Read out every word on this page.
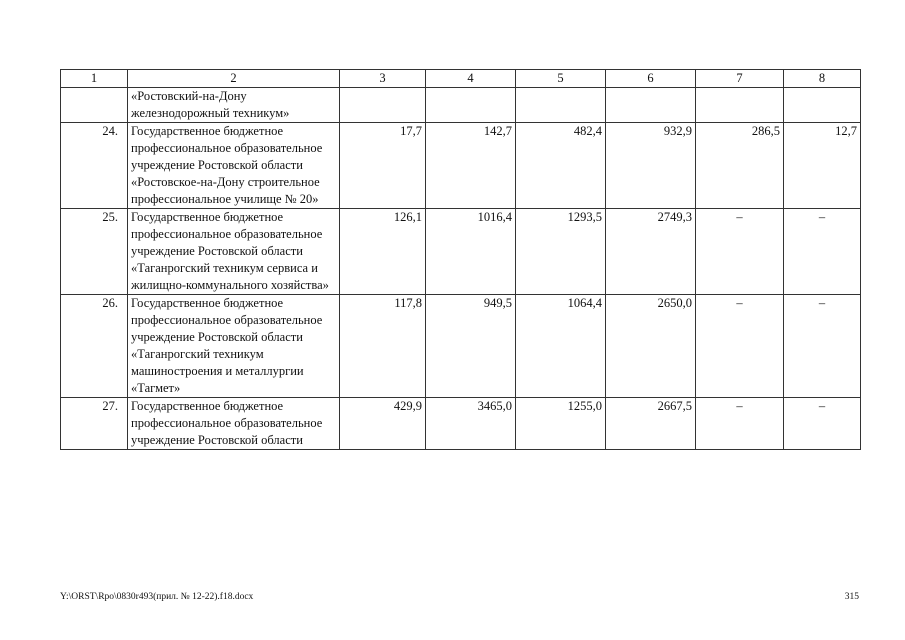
1	2	3	4	5	6	7	8
	«Ростовский-на-Дону железнодорожный техникум»						
24.	Государственное бюджетное профессиональное образовательное учреждение Ростовской области «Ростовское-на-Дону строительное профессиональное училище № 20»	17,7	142,7	482,4	932,9	286,5	12,7
25.	Государственное бюджетное профессиональное образовательное учреждение Ростовской области «Таганрогский техникум сервиса и жилищно-коммунального хозяйства»	126,1	1016,4	1293,5	2749,3	–	–
26.	Государственное бюджетное профессиональное образовательное учреждение Ростовской области «Таганрогский техникум машиностроения и металлургии «Тагмет»	117,8	949,5	1064,4	2650,0	–	–
27.	Государственное бюджетное профессиональное образовательное учреждение Ростовской области	429,9	3465,0	1255,0	2667,5	–	–
Y:\ORST\Rpo\0830r493(прил. № 12-22).f18.docx	315
